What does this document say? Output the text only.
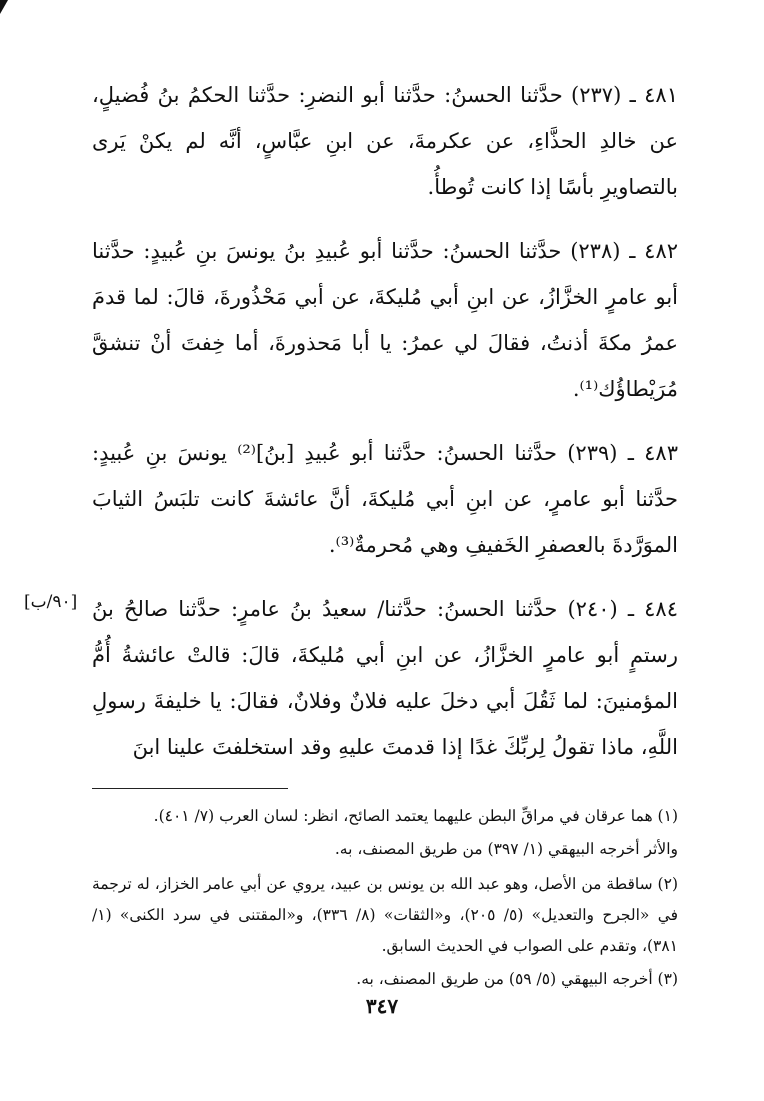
٤٨١ ـ (٢٣٧) حدَّثنا الحسنُ: حدَّثنا أبو النضرِ: حدَّثنا الحكمُ بنُ فُضيلٍ، عن خالدِ الحذَّاءِ، عن عكرمةَ، عن ابنِ عبَّاسٍ، أنَّه لم يكنْ يَرى بالتصاويرِ بأسًا إذا كانت تُوطأُ.

٤٨٢ ـ (٢٣٨) حدَّثنا الحسنُ: حدَّثنا أبو عُبيدِ بنُ يونسَ بنِ عُبيدٍ: حدَّثنا أبو عامرٍ الخزَّازُ، عن ابنِ أبي مُليكةَ، عن أبي مَحْذُورةَ، قالَ: لما قدمَ عمرُ مكةَ أذنتُ، فقالَ لي عمرُ: يا أبا مَحذورةَ، أما خِفتَ أنْ تنشقَّ مُرَيْطاؤُك⁽¹⁾.

٤٨٣ ـ (٢٣٩) حدَّثنا الحسنُ: حدَّثنا أبو عُبيدِ [بنُ]⁽²⁾ يونسَ بنِ عُبيدٍ: حدَّثنا أبو عامرٍ، عن ابنِ أبي مُليكةَ، أنَّ عائشةَ كانت تلبَسُ الثيابَ الموَرَّدةَ بالعصفرِ الخَفيفِ وهي مُحرمةٌ⁽³⁾.

[٩٠/ب] ٤٨٤ ـ (٢٤٠) حدَّثنا الحسنُ: حدَّثنا/ سعيدُ بنُ عامرٍ: حدَّثنا صالحُ بنُ رستمٍ أبو عامرٍ الخزَّازُ، عن ابنِ أبي مُليكةَ، قالَ: قالتْ عائشةُ أُمُّ المؤمنينَ: لما ثَقُلَ أبي دخلَ عليه فلانٌ وفلانٌ، فقالَ: يا خليفةَ رسولِ اللَّهِ، ماذا تقولُ لِربِّكَ غدًا إذا قدمتَ عليهِ وقد استخلفتَ علينا ابنَ

(١) هما عرقان في مراقِّ البطن عليهما يعتمد الصائح، انظر: لسان العرب (٧/ ٤٠١).

والأثر أخرجه البيهقي (١/ ٣٩٧) من طريق المصنف، به.

(٢) ساقطة من الأصل، وهو عبد الله بن يونس بن عبيد، يروي عن أبي عامر الخزاز، له ترجمة في «الجرح والتعديل» (٥/ ٢٠٥)، و«الثقات» (٨/ ٣٣٦)، و«المقتنى في سرد الكنى» (١/ ٣٨١)، وتقدم على الصواب في الحديث السابق.

(٣) أخرجه البيهقي (٥/ ٥٩) من طريق المصنف، به.

٣٤٧
